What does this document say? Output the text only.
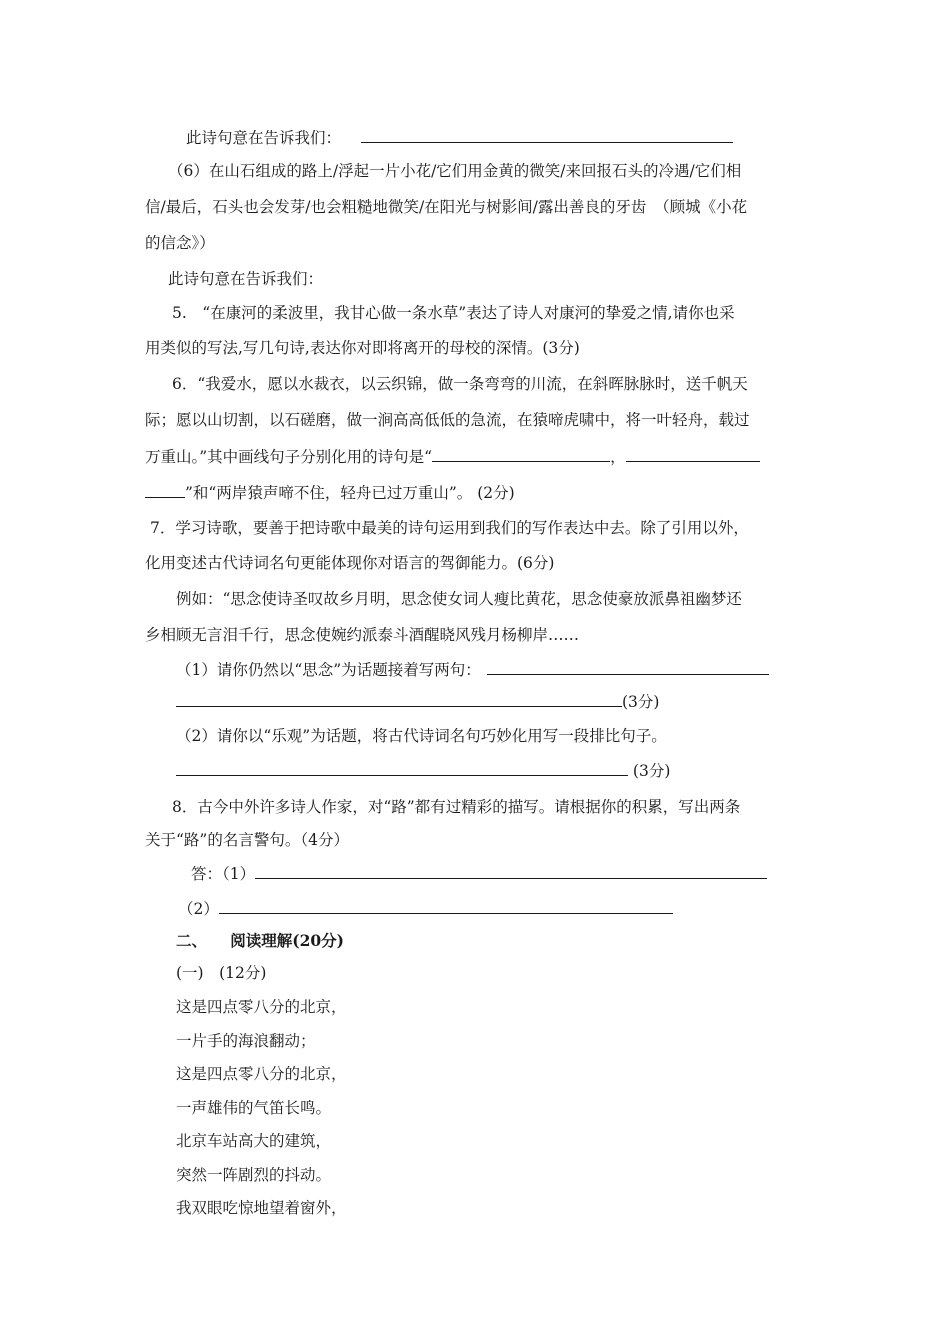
此诗句意在告诉我们：
（6）在山石组成的路上/浮起一片小花/它们用金黄的微笑/来回报石头的冷遇/它们相
信/最后，石头也会发芽/也会粗糙地微笑/在阳光与树影间/露出善良的牙齿　（顾城《小花
的信念》）
此诗句意在告诉我们：
5.　“在康河的柔波里，我甘心做一条水草”表达了诗人对康河的挚爱之情,请你也采
用类似的写法,写几句诗,表达你对即将离开的母校的深情。(3分)
6．“我爱水，愿以水裁衣，以云织锦，做一条弯弯的川流，在斜晖脉脉时，送千帆天
际；愿以山切割，以石磋磨，做一涧高高低低的急流，在猿啼虎啸中，将一叶轻舟，载过
万重山。”其中画线句子分别化用的诗句是“	，
”和“两岸猿声啼不住，轻舟已过万重山”。 (2分)
7．学习诗歌，要善于把诗歌中最美的诗句运用到我们的写作表达中去。除了引用以外，
化用变述古代诗词名句更能体现你对语言的驾御能力。(6分)
例如：“思念使诗圣叹故乡月明，思念使女词人瘦比黄花，思念使豪放派鼻祖幽梦还
乡相顾无言泪千行，思念使婉约派泰斗酒醒晓风残月杨柳岸……
（1）请你仍然以“思念”为话题接着写两句：
(3分)
（2）请你以“乐观”为话题，将古代诗词名句巧妙化用写一段排比句子。
(3分)
8．古今中外许多诗人作家，对“路”都有过精彩的描写。请根据你的积累，写出两条
关于“路”的名言警句。（4分）
答：（1）
（2）
二、　　阅读理解(20分)
(一)　(12分)
这是四点零八分的北京，
一片手的海浪翻动；
这是四点零八分的北京，
一声雄伟的气笛长鸣。
北京车站高大的建筑，
突然一阵剧烈的抖动。
我双眼吃惊地望着窗外，
